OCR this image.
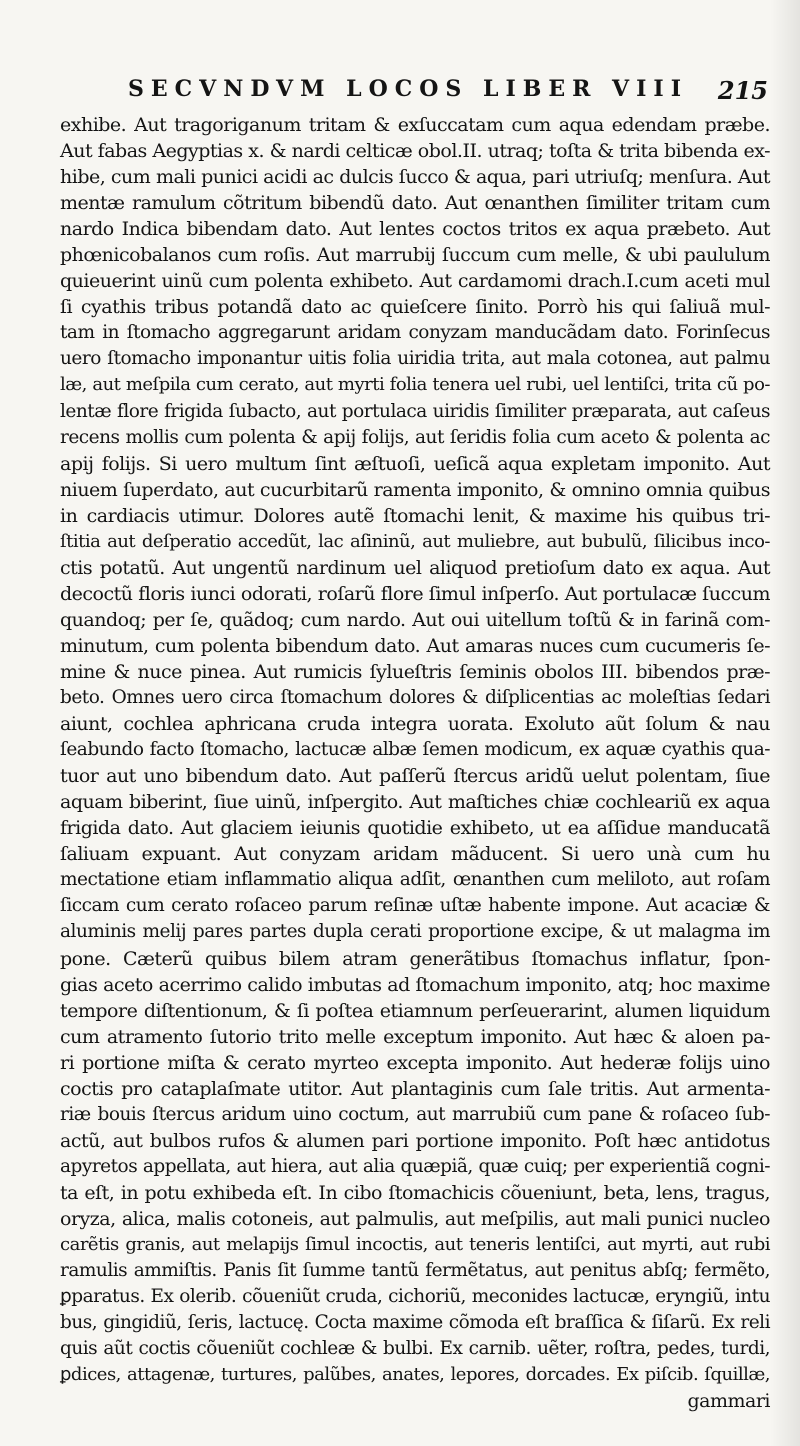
SECVNDVM LOCOS LIBER VIII 215
exhibe. Aut tragoriganum tritam & exſuccatam cum aqua edendam præbe.
Aut fabas Aegyptias x. & nardi celticæ obol.II. utraq; toſta & trita bibenda ex-
hibe, cum mali punici acidi ac dulcis ſucco & aqua, pari utriuſq; menſura. Aut
mentæ ramulum cõtritum bibendũ dato. Aut œnanthen ſimiliter tritam cum
nardo Indica bibendam dato. Aut lentes coctos tritos ex aqua præbeto. Aut
phœnicobalanos cum roſis. Aut marrubij ſuccum cum melle, & ubi paululum
quieuerint uinũ cum polenta exhibeto. Aut cardamomi drach.I.cum aceti mul
ſi cyathis tribus potandã dato ac quieſcere ſinito. Porrò his qui ſaliuã mul-
tam in ſtomacho aggregarunt aridam conyzam manducãdam dato. Forinſecus
uero ſtomacho imponantur uitis folia uiridia trita, aut mala cotonea, aut palmu
læ, aut meſpila cum cerato, aut myrti folia tenera uel rubi, uel lentiſci, trita cũ po-
lentæ flore frigida ſubacto, aut portulaca uiridis ſimiliter præparata, aut caſeus
recens mollis cum polenta & apij folijs, aut ſeridis folia cum aceto & polenta ac
apij folijs. Si uero multum ſint æſtuoſi, ueſicã aqua expletam imponito. Aut
niuem ſuperdato, aut cucurbitarũ ramenta imponito, & omnino omnia quibus
in cardiacis utimur. Dolores autẽ ſtomachi lenit, & maxime his quibus tri-
ſtitia aut deſperatio accedũt, lac aſininũ, aut muliebre, aut bubulũ, ſilicibus inco-
ctis potatũ. Aut ungentũ nardinum uel aliquod pretioſum dato ex aqua. Aut
decoctũ floris iunci odorati, roſarũ flore ſimul inſperſo. Aut portulacæ ſuccum
quandoq; per ſe, quãdoq; cum nardo. Aut oui uitellum toſtũ & in farinã com-
minutum, cum polenta bibendum dato. Aut amaras nuces cum cucumeris ſe-
mine & nuce pinea. Aut rumicis ſylueſtris ſeminis obolos III. bibendos præ-
beto. Omnes uero circa ſtomachum dolores & diſplicentias ac moleſtias ſedari
aiunt, cochlea aphricana cruda integra uorata. Exoluto aũt ſolum & nau
ſeabundo facto ſtomacho, lactucæ albæ ſemen modicum, ex aquæ cyathis qua-
tuor aut uno bibendum dato. Aut paſſerũ ſtercus aridũ uelut polentam, ſiue
aquam biberint, ſiue uinũ, inſpergito. Aut maſtiches chiæ cochleariũ ex aqua
frigida dato. Aut glaciem ieiunis quotidie exhibeto, ut ea aſſidue manducatã
ſaliuam expuant. Aut conyzam aridam mãducent. Si uero unà cum hu
mectatione etiam inflammatio aliqua adſit, œnanthen cum meliloto, aut roſam
ſiccam cum cerato roſaceo parum reſinæ uſtæ habente impone. Aut acaciæ &
aluminis melij pares partes dupla cerati proportione excipe, & ut malagma im
pone. Cæterũ quibus bilem atram generãtibus ſtomachus inflatur, ſpon-
gias aceto acerrimo calido imbutas ad ſtomachum imponito, atq; hoc maxime
tempore diſtentionum, & ſi poſtea etiamnum perſeuerarint, alumen liquidum
cum atramento ſutorio trito melle exceptum imponito. Aut hæc & aloen pa-
ri portione miſta & cerato myrteo excepta imponito. Aut hederæ folijs uino
coctis pro cataplaſmate utitor. Aut plantaginis cum ſale tritis. Aut armenta-
riæ bouis ſtercus aridum uino coctum, aut marrubiũ cum pane & roſaceo ſub-
actũ, aut bulbos rufos & alumen pari portione imponito. Poſt hæc antidotus
apyretos appellata, aut hiera, aut alia quæpiã, quæ cuiq; per experientiã cogni-
ta eſt, in potu exhibeda eſt. In cibo ſtomachicis cõueniunt, beta, lens, tragus,
oryza, alica, malis cotoneis, aut palmulis, aut meſpilis, aut mali punici nucleo
carẽtis granis, aut melapijs ſimul incoctis, aut teneris lentiſci, aut myrti, aut rubi
ramulis ammiſtis. Panis ſit ſumme tantũ fermẽtatus, aut penitus abſq; fermẽto,
ꝑparatus. Ex olerib. cõueniũt cruda, cichoriũ, meconides lactucæ, eryngiũ, intu
bus, gingidiũ, ſeris, lactucę. Cocta maxime cõmoda eſt braſſica & ſiſarũ. Ex reli
quis aũt coctis cõueniũt cochleæ & bulbi. Ex carnib. uẽter, roſtra, pedes, turdi,
ꝑdices, attagenæ, turtures, palũbes, anates, lepores, dorcades. Ex piſcib. ſquillæ,
gammari
